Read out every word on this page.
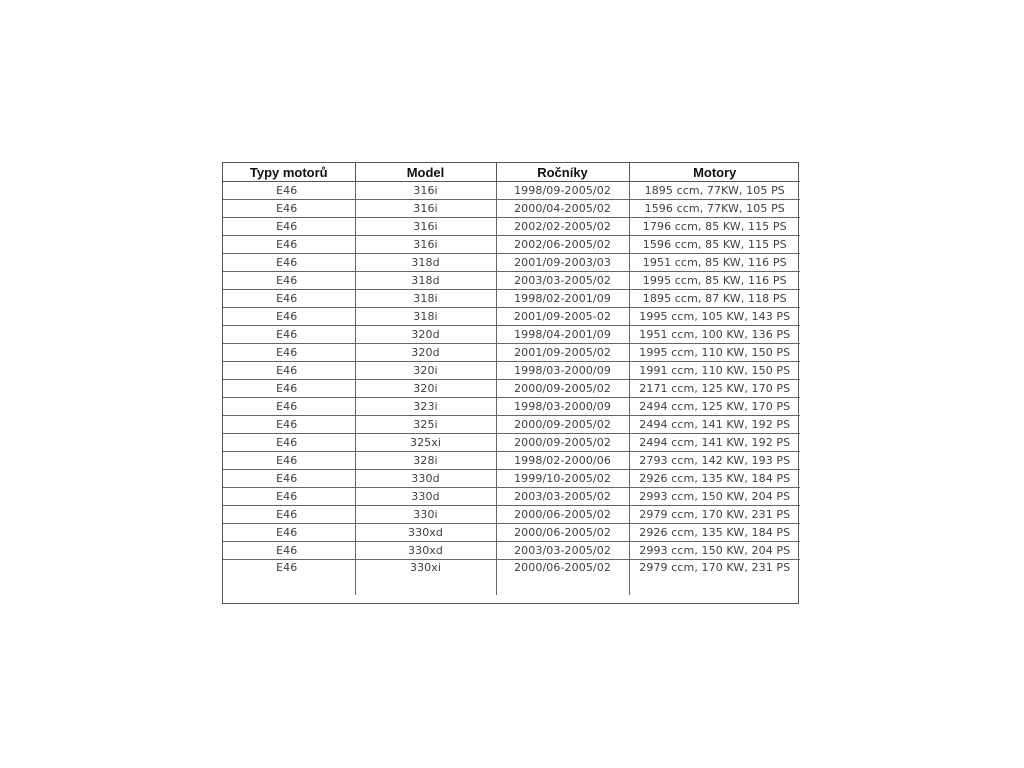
Typy motorů	Model	Ročníky	Motory
E46	316i	1998/09-2005/02	1895 ccm, 77KW, 105 PS
E46	316i	2000/04-2005/02	1596 ccm, 77KW, 105 PS
E46	316i	2002/02-2005/02	1796 ccm, 85 KW, 115 PS
E46	316i	2002/06-2005/02	1596 ccm, 85 KW, 115 PS
E46	318d	2001/09-2003/03	1951 ccm, 85 KW, 116 PS
E46	318d	2003/03-2005/02	1995 ccm, 85 KW, 116 PS
E46	318i	1998/02-2001/09	1895 ccm, 87 KW, 118 PS
E46	318i	2001/09-2005-02	1995 ccm, 105 KW, 143 PS
E46	320d	1998/04-2001/09	1951 ccm, 100 KW, 136 PS
E46	320d	2001/09-2005/02	1995 ccm, 110 KW, 150 PS
E46	320i	1998/03-2000/09	1991 ccm, 110 KW, 150 PS
E46	320i	2000/09-2005/02	2171 ccm, 125 KW, 170 PS
E46	323i	1998/03-2000/09	2494 ccm, 125 KW, 170 PS
E46	325i	2000/09-2005/02	2494 ccm, 141 KW, 192 PS
E46	325xi	2000/09-2005/02	2494 ccm, 141 KW, 192 PS
E46	328i	1998/02-2000/06	2793 ccm, 142 KW, 193 PS
E46	330d	1999/10-2005/02	2926 ccm, 135 KW, 184 PS
E46	330d	2003/03-2005/02	2993 ccm, 150 KW, 204 PS
E46	330i	2000/06-2005/02	2979 ccm, 170 KW, 231 PS
E46	330xd	2000/06-2005/02	2926 ccm, 135 KW, 184 PS
E46	330xd	2003/03-2005/02	2993 ccm, 150 KW, 204 PS
E46	330xi	2000/06-2005/02	2979 ccm, 170 KW, 231 PS
